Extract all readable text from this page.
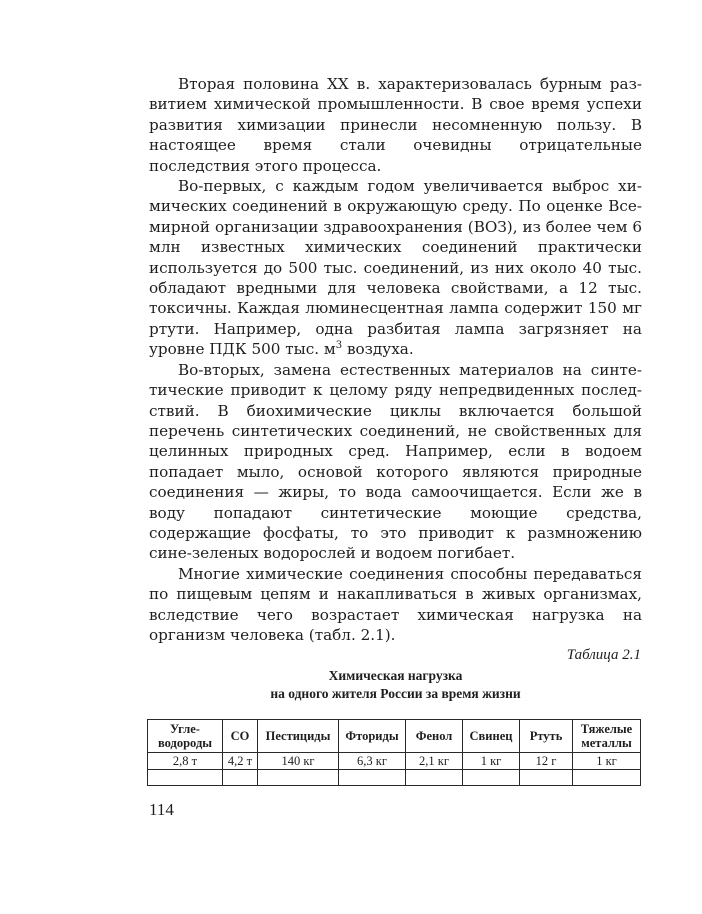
Вторая половина XX в. характеризовалась бурным развитием химической промышленности. В свое время успехи развития химизации принесли несомненную пользу. В настоящее время стали очевидны отрицательные последствия этого процесса.

Во-первых, с каждым годом увеличивается выброс химических соединений в окружающую среду. По оценке Всемирной организации здравоохранения (ВОЗ), из более чем 6 млн известных химических соединений практически используется до 500 тыс. соединений, из них около 40 тыс. обладают вредными для человека свойствами, а 12 тыс. токсичны. Каждая люминесцентная лампа содержит 150 мг ртути. Например, одна разбитая лампа загрязняет на уровне ПДК 500 тыс. $м^3$ воздуха.

Во-вторых, замена естественных материалов на синтетические приводит к целому ряду непредвиденных последствий. В биохимические циклы включается большой перечень синтетических соединений, не свойственных для целинных природных сред. Например, если в водоем попадает мыло, основой которого являются природные соединения — жиры, то вода самоочищается. Если же в воду попадают синтетические моющие средства, содержащие фосфаты, то это приводит к размножению сине-зеленых водорослей и водоем погибает.

Многие химические соединения способны передаваться по пищевым цепям и накапливаться в живых организмах, вследствие чего возрастает химическая нагрузка на организм человека (табл. 2.1).

Таблица 2.1
Химическая нагрузка
на одного жителя России за время жизни
Угле- водороды	CO	Пестициды	Фториды	Фенол	Свинец	Ртуть	Тяжелые металлы
2,8 т	4,2 т	140 кг	6,3 кг	2,1 кг	1 кг	12 г	1 кг

114
